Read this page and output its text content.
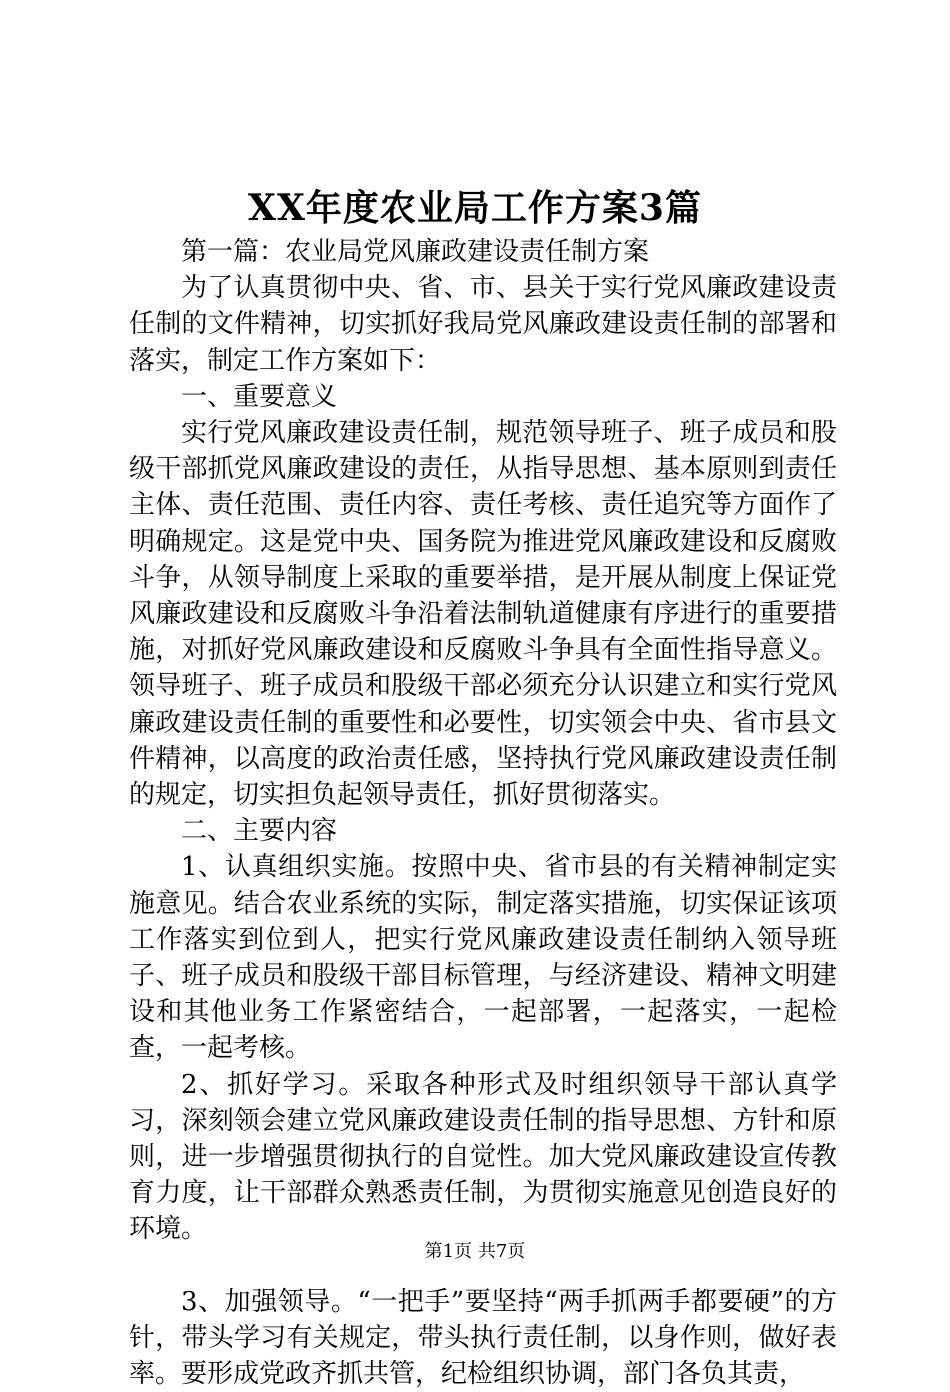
XX年度农业局工作方案3篇

第一篇：农业局党风廉政建设责任制方案

为了认真贯彻中央、省、市、县关于实行党风廉政建设责任制的文件精神，切实抓好我局党风廉政建设责任制的部署和落实，制定工作方案如下：

一、重要意义

实行党风廉政建设责任制，规范领导班子、班子成员和股级干部抓党风廉政建设的责任，从指导思想、基本原则到责任主体、责任范围、责任内容、责任考核、责任追究等方面作了明确规定。这是党中央、国务院为推进党风廉政建设和反腐败斗争，从领导制度上采取的重要举措，是开展从制度上保证党风廉政建设和反腐败斗争沿着法制轨道健康有序进行的重要措施，对抓好党风廉政建设和反腐败斗争具有全面性指导意义。领导班子、班子成员和股级干部必须充分认识建立和实行党风廉政建设责任制的重要性和必要性，切实领会中央、省市县文件精神，以高度的政治责任感，坚持执行党风廉政建设责任制的规定，切实担负起领导责任，抓好贯彻落实。

二、主要内容

1、认真组织实施。按照中央、省市县的有关精神制定实施意见。结合农业系统的实际，制定落实措施，切实保证该项工作落实到位到人，把实行党风廉政建设责任制纳入领导班子、班子成员和股级干部目标管理，与经济建设、精神文明建设和其他业务工作紧密结合，一起部署，一起落实，一起检查，一起考核。

2、抓好学习。采取各种形式及时组织领导干部认真学习，深刻领会建立党风廉政建设责任制的指导思想、方针和原则，进一步增强贯彻执行的自觉性。加大党风廉政建设宣传教育力度，让干部群众熟悉责任制，为贯彻实施意见创造良好的环境。

3、加强领导。“一把手”要坚持“两手抓两手都要硬”的方针，带头学习有关规定，带头执行责任制，以身作则，做好表率。要形成党政齐抓共管，纪检组织协调，部门各负其责，

第1页 共7页
